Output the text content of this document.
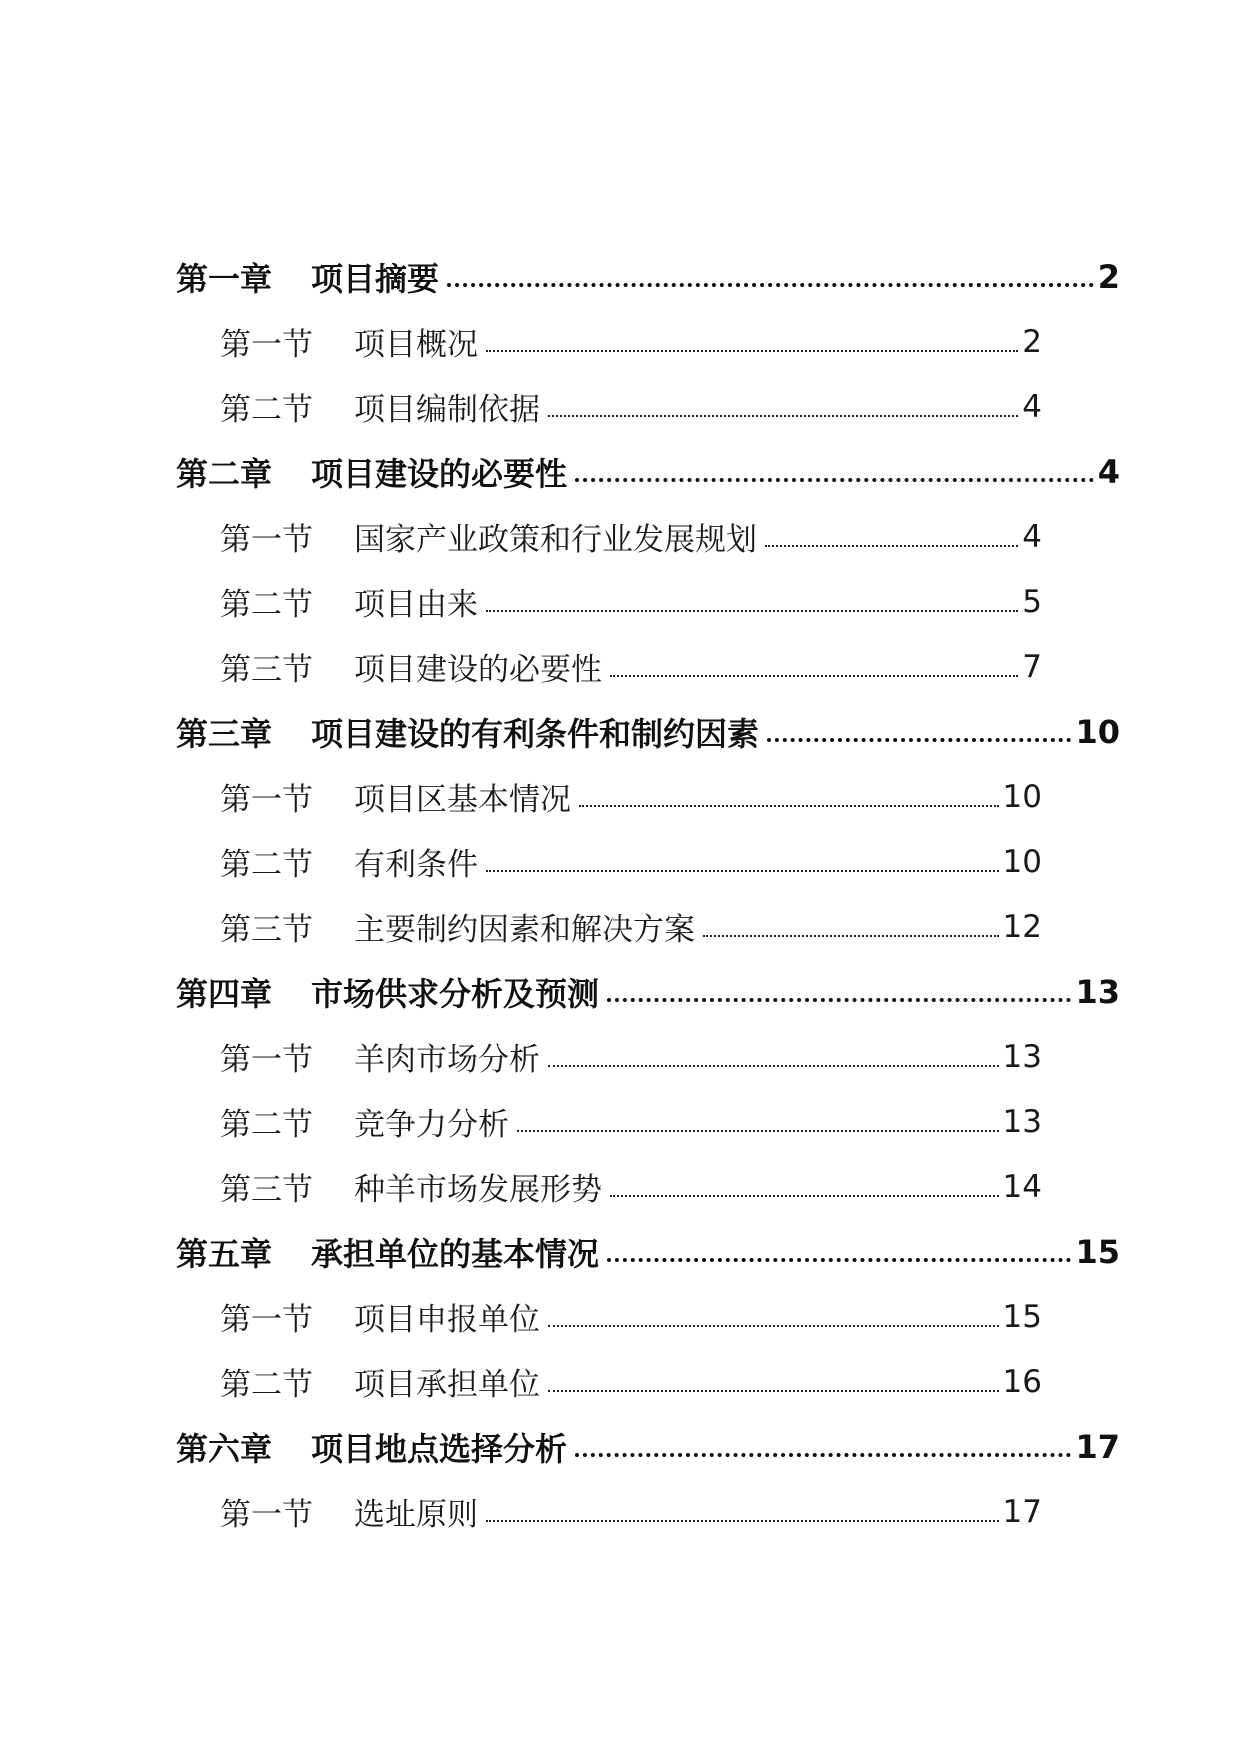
第一章	项目摘要	2
第一节	项目概况	2
第二节	项目编制依据	4
第二章	项目建设的必要性	4
第一节	国家产业政策和行业发展规划	4
第二节	项目由来	5
第三节	项目建设的必要性	7
第三章	项目建设的有利条件和制约因素	10
第一节	项目区基本情况	10
第二节	有利条件	10
第三节	主要制约因素和解决方案	12
第四章	市场供求分析及预测	13
第一节	羊肉市场分析	13
第二节	竞争力分析	13
第三节	种羊市场发展形势	14
第五章	承担单位的基本情况	15
第一节	项目申报单位	15
第二节	项目承担单位	16
第六章	项目地点选择分析	17
第一节	选址原则	17
